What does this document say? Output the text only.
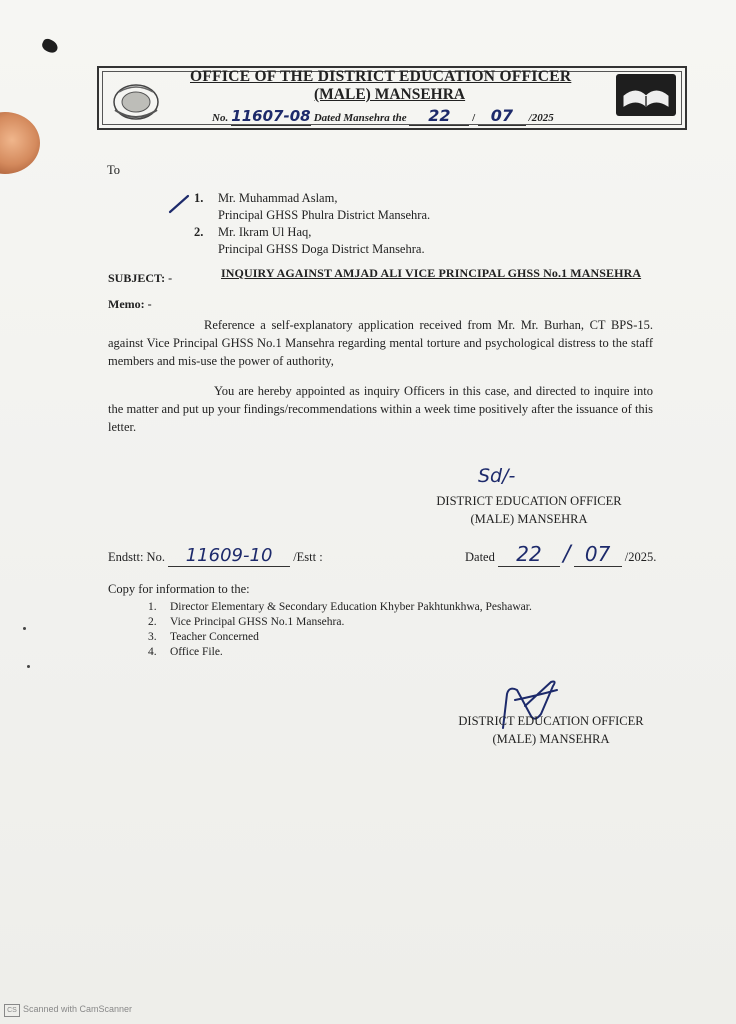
OFFICE OF THE DISTRICT EDUCATION OFFICER
(MALE) MANSEHRA
No. 11607-08 Dated Mansehra the 22 / 07 /2025
To
1. Mr. Muhammad Aslam,
Principal GHSS Phulra District Mansehra.
2. Mr. Ikram Ul Haq,
Principal GHSS Doga District Mansehra.
SUBJECT: -	INQUIRY AGAINST AMJAD ALI VICE PRINCIPAL GHSS No.1 MANSEHRA
Memo: -
Reference a self-explanatory application received from Mr. Mr. Burhan, CT BPS-15. against Vice Principal GHSS No.1 Mansehra regarding mental torture and psychological distress to the staff members and mis-use the power of authority,
You are hereby appointed as inquiry Officers in this case, and directed to inquire into the matter and put up your findings/recommendations within a week time positively after the issuance of this letter.
Sd/-
DISTRICT EDUCATION OFFICER
(MALE) MANSEHRA
Endstt: No. 11609-10 /Estt :	Dated 22 / 07 /2025.
Copy for information to the:
1. Director Elementary & Secondary Education Khyber Pakhtunkhwa, Peshawar.
2. Vice Principal GHSS No.1 Mansehra.
3. Teacher Concerned
4. Office File.
DISTRICT EDUCATION OFFICER
(MALE) MANSEHRA
CS Scanned with CamScanner
